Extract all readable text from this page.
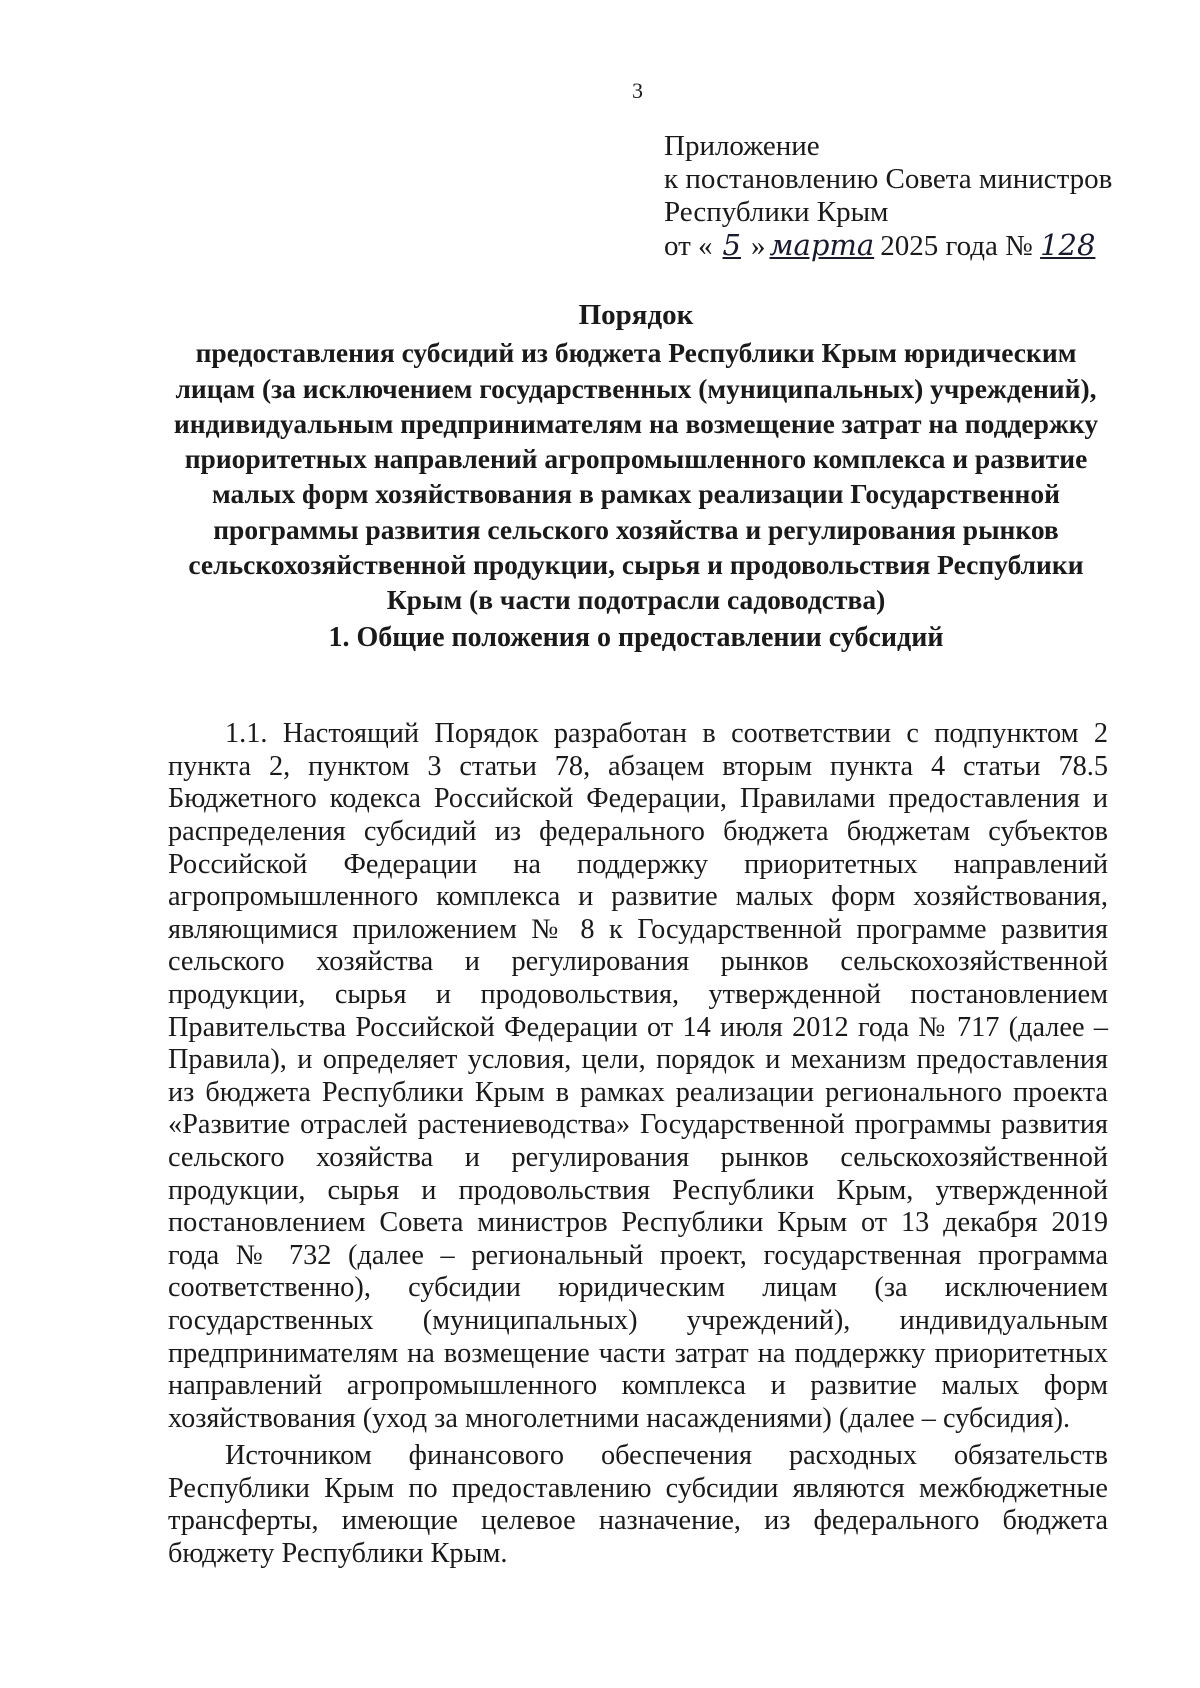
3
Приложение
к постановлению Совета министров
Республики Крым
от « 5 » марта 2025 года № 128
Порядок
предоставления субсидий из бюджета Республики Крым юридическим лицам (за исключением государственных (муниципальных) учреждений), индивидуальным предпринимателям на возмещение затрат на поддержку приоритетных направлений агропромышленного комплекса и развитие малых форм хозяйствования в рамках реализации Государственной программы развития сельского хозяйства и регулирования рынков сельскохозяйственной продукции, сырья и продовольствия Республики Крым (в части подотрасли садоводства)
1. Общие положения о предоставлении субсидий

1.1. Настоящий Порядок разработан в соответствии с подпунктом 2 пункта 2, пунктом 3 статьи 78, абзацем вторым пункта 4 статьи 78.5 Бюджетного кодекса Российской Федерации, Правилами предоставления и распределения субсидий из федерального бюджета бюджетам субъектов Российской Федерации на поддержку приоритетных направлений агропромышленного комплекса и развитие малых форм хозяйствования, являющимися приложением № 8 к Государственной программе развития сельского хозяйства и регулирования рынков сельскохозяйственной продукции, сырья и продовольствия, утвержденной постановлением Правительства Российской Федерации от 14 июля 2012 года № 717 (далее – Правила), и определяет условия, цели, порядок и механизм предоставления из бюджета Республики Крым в рамках реализации регионального проекта «Развитие отраслей растениеводства» Государственной программы развития сельского хозяйства и регулирования рынков сельскохозяйственной продукции, сырья и продовольствия Республики Крым, утвержденной постановлением Совета министров Республики Крым от 13 декабря 2019 года № 732 (далее – региональный проект, государственная программа соответственно), субсидии юридическим лицам (за исключением государственных (муниципальных) учреждений), индивидуальным предпринимателям на возмещение части затрат на поддержку приоритетных направлений агропромышленного комплекса и развитие малых форм хозяйствования (уход за многолетними насаждениями) (далее – субсидия).

Источником финансового обеспечения расходных обязательств Республики Крым по предоставлению субсидии являются межбюджетные трансферты, имеющие целевое назначение, из федерального бюджета бюджету Республики Крым.
